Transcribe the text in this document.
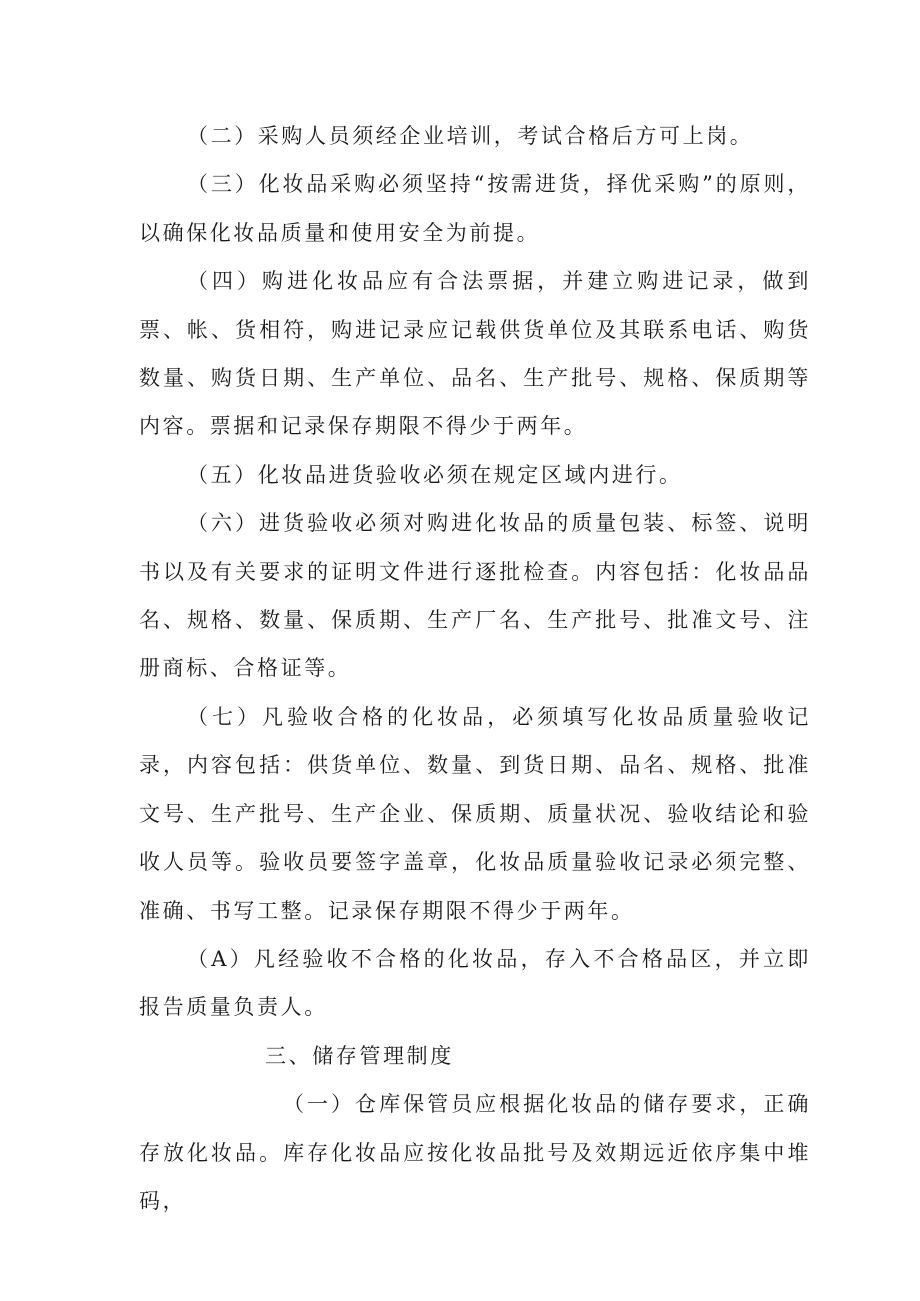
（二）采购人员须经企业培训，考试合格后方可上岗。

（三）化妆品采购必须坚持“按需进货，择优采购”的原则，以确保化妆品质量和使用安全为前提。

（四）购进化妆品应有合法票据，并建立购进记录，做到票、帐、货相符，购进记录应记载供货单位及其联系电话、购货数量、购货日期、生产单位、品名、生产批号、规格、保质期等内容。票据和记录保存期限不得少于两年。

（五）化妆品进货验收必须在规定区域内进行。

（六）进货验收必须对购进化妆品的质量包装、标签、说明书以及有关要求的证明文件进行逐批检查。内容包括：化妆品品名、规格、数量、保质期、生产厂名、生产批号、批准文号、注册商标、合格证等。

（七）凡验收合格的化妆品，必须填写化妆品质量验收记录，内容包括：供货单位、数量、到货日期、品名、规格、批准文号、生产批号、生产企业、保质期、质量状况、验收结论和验收人员等。验收员要签字盖章，化妆品质量验收记录必须完整、准确、书写工整。记录保存期限不得少于两年。

（A）凡经验收不合格的化妆品，存入不合格品区，并立即报告质量负责人。

三、储存管理制度

（一）仓库保管员应根据化妆品的储存要求，正确存放化妆品。库存化妆品应按化妆品批号及效期远近依序集中堆码，
